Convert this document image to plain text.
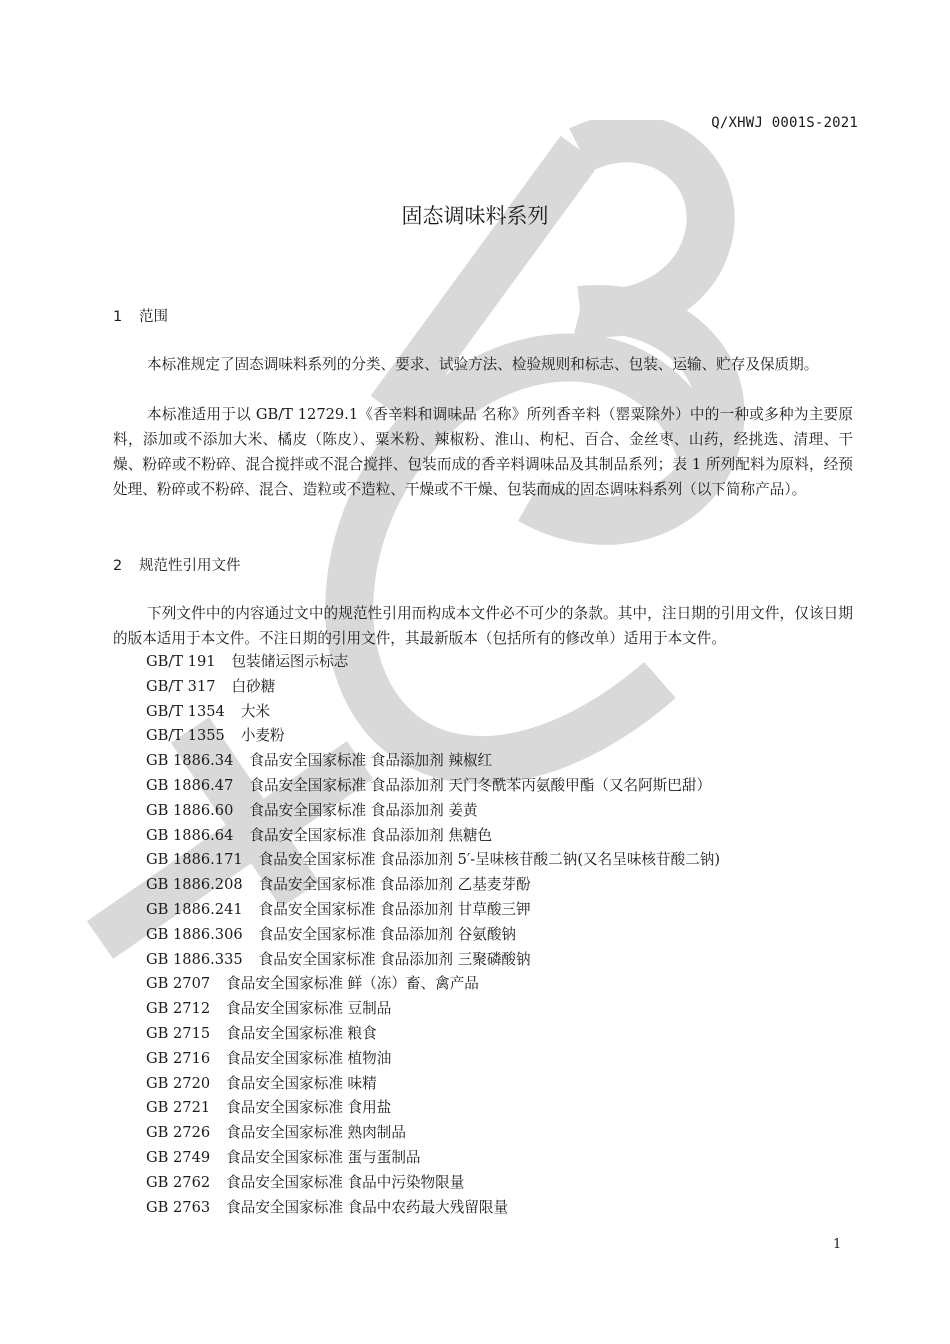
Q/XHWJ 0001S-2021
固态调味料系列
1 范围
本标准规定了固态调味料系列的分类、要求、试验方法、检验规则和标志、包装、运输、贮存及保质期。
本标准适用于以 GB/T 12729.1《香辛料和调味品 名称》所列香辛料（罂粟除外）中的一种或多种为主要原料，添加或不添加大米、橘皮（陈皮）、粟米粉、辣椒粉、淮山、枸杞、百合、金丝枣、山药，经挑选、清理、干燥、粉碎或不粉碎、混合搅拌或不混合搅拌、包装而成的香辛料调味品及其制品系列；表 1 所列配料为原料，经预处理、粉碎或不粉碎、混合、造粒或不造粒、干燥或不干燥、包装而成的固态调味料系列（以下简称产品）。
2 规范性引用文件
下列文件中的内容通过文中的规范性引用而构成本文件必不可少的条款。其中，注日期的引用文件，仅该日期的版本适用于本文件。不注日期的引用文件，其最新版本（包括所有的修改单）适用于本文件。
GB/T 191 包装储运图示标志
GB/T 317 白砂糖
GB/T 1354 大米
GB/T 1355 小麦粉
GB 1886.34 食品安全国家标准 食品添加剂 辣椒红
GB 1886.47 食品安全国家标准 食品添加剂 天门冬酰苯丙氨酸甲酯（又名阿斯巴甜）
GB 1886.60 食品安全国家标准 食品添加剂 姜黄
GB 1886.64 食品安全国家标准 食品添加剂 焦糖色
GB 1886.171 食品安全国家标准 食品添加剂 5′-呈味核苷酸二钠(又名呈味核苷酸二钠)
GB 1886.208 食品安全国家标准 食品添加剂 乙基麦芽酚
GB 1886.241 食品安全国家标准 食品添加剂 甘草酸三钾
GB 1886.306 食品安全国家标准 食品添加剂 谷氨酸钠
GB 1886.335 食品安全国家标准 食品添加剂 三聚磷酸钠
GB 2707 食品安全国家标准 鲜（冻）畜、禽产品
GB 2712 食品安全国家标准 豆制品
GB 2715 食品安全国家标准 粮食
GB 2716 食品安全国家标准 植物油
GB 2720 食品安全国家标准 味精
GB 2721 食品安全国家标准 食用盐
GB 2726 食品安全国家标准 熟肉制品
GB 2749 食品安全国家标准 蛋与蛋制品
GB 2762 食品安全国家标准 食品中污染物限量
GB 2763 食品安全国家标准 食品中农药最大残留限量
1
